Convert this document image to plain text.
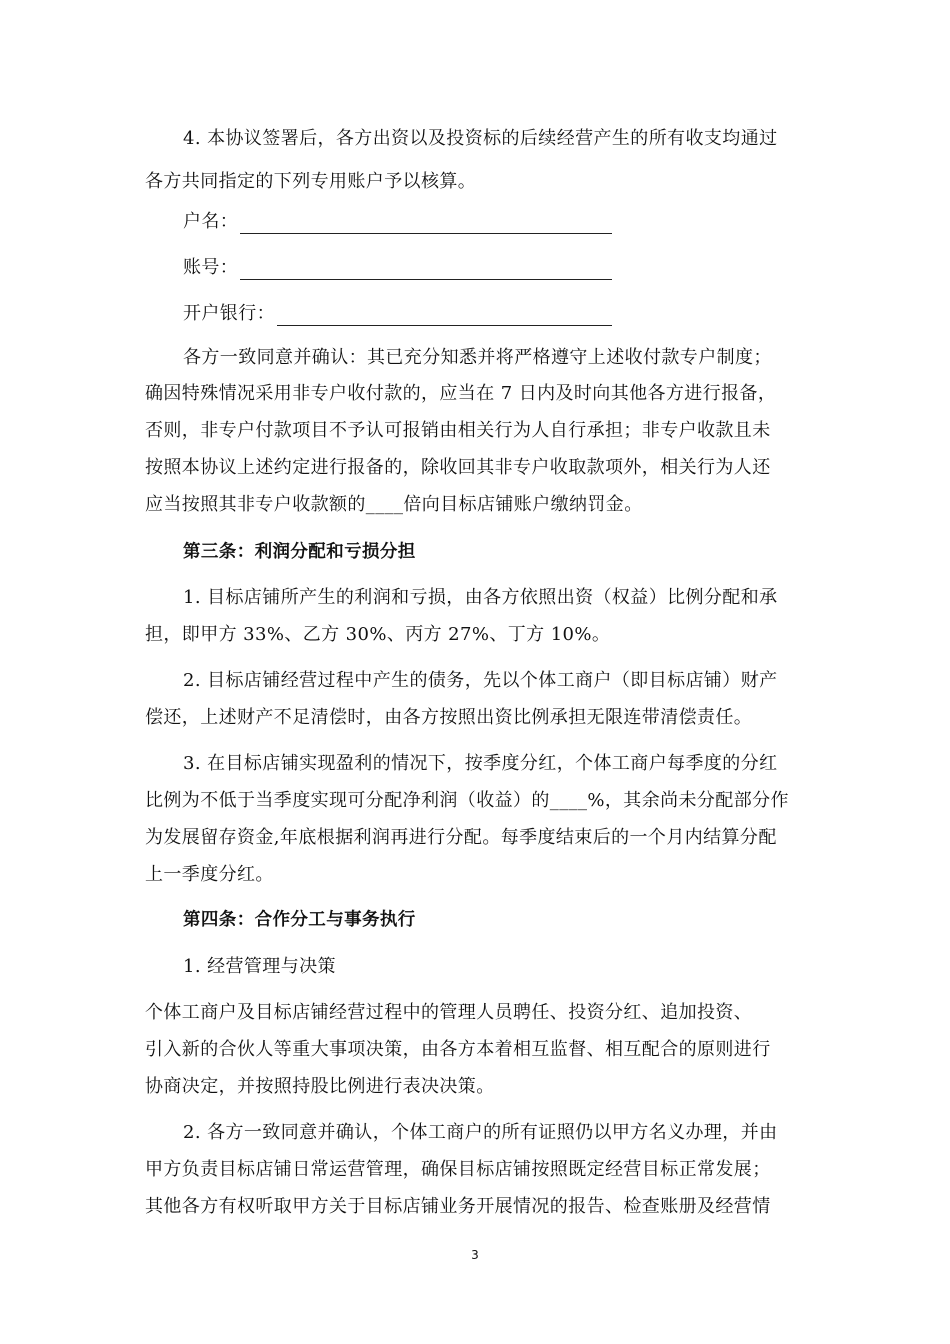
4. 本协议签署后，各方出资以及投资标的后续经营产生的所有收支均通过
各方共同指定的下列专用账户予以核算。
户名：
账号：
开户银行：
各方一致同意并确认：其已充分知悉并将严格遵守上述收付款专户制度；
确因特殊情况采用非专户收付款的，应当在 7 日内及时向其他各方进行报备，
否则，非专户付款项目不予认可报销由相关行为人自行承担；非专户收款且未
按照本协议上述约定进行报备的，除收回其非专户收取款项外，相关行为人还
应当按照其非专户收款额的____倍向目标店铺账户缴纳罚金。
第三条：利润分配和亏损分担
1. 目标店铺所产生的利润和亏损，由各方依照出资（权益）比例分配和承
担，即甲方 33%、乙方 30%、丙方 27%、丁方 10%。
2. 目标店铺经营过程中产生的债务，先以个体工商户（即目标店铺）财产
偿还，上述财产不足清偿时，由各方按照出资比例承担无限连带清偿责任。
3. 在目标店铺实现盈利的情况下，按季度分红，个体工商户每季度的分红
比例为不低于当季度实现可分配净利润（收益）的____%，其余尚未分配部分作
为发展留存资金,年底根据利润再进行分配。每季度结束后的一个月内结算分配
上一季度分红。
第四条：合作分工与事务执行
1. 经营管理与决策
个体工商户及目标店铺经营过程中的管理人员聘任、投资分红、追加投资、
引入新的合伙人等重大事项决策，由各方本着相互监督、相互配合的原则进行
协商决定，并按照持股比例进行表决决策。
2. 各方一致同意并确认，个体工商户的所有证照仍以甲方名义办理，并由
甲方负责目标店铺日常运营管理，确保目标店铺按照既定经营目标正常发展；
其他各方有权听取甲方关于目标店铺业务开展情况的报告、检查账册及经营情
3
